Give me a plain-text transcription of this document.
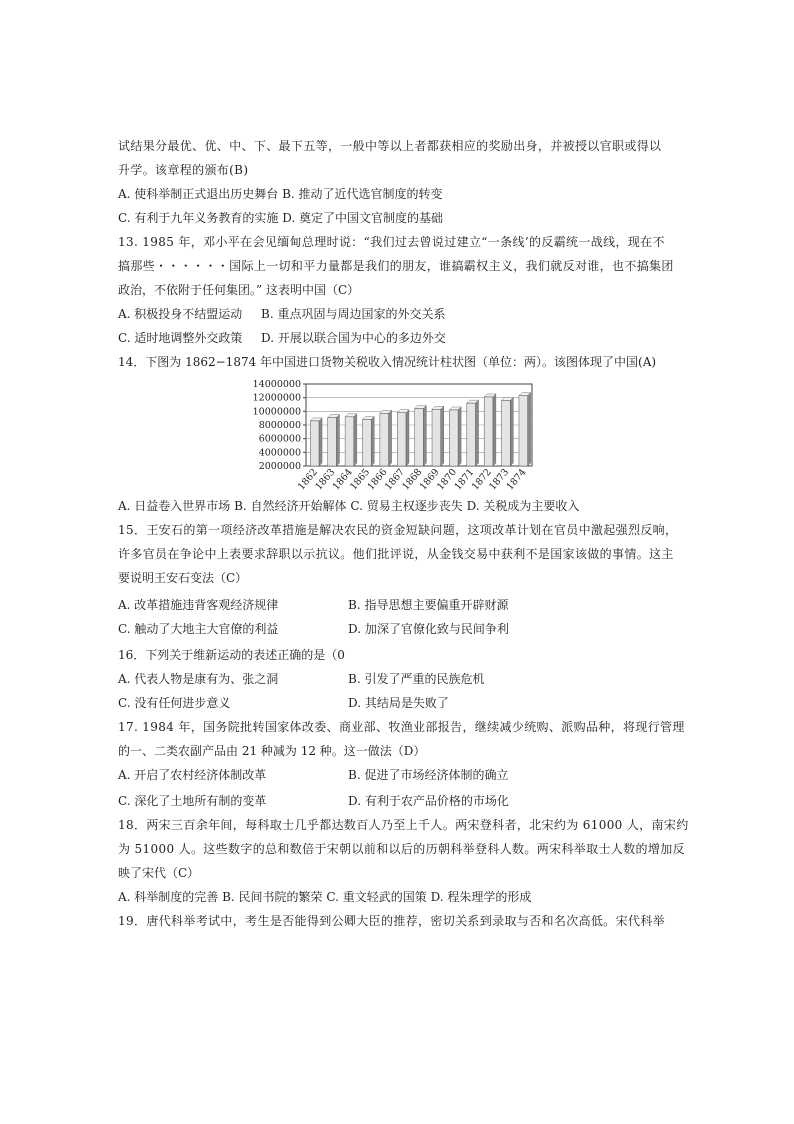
试结果分最优、优、中、下、最下五等，一般中等以上者都获相应的奖励出身，并被授以官职或得以
升学。该章程的颁布(B)
A. 使科举制正式退出历史舞台 B. 推动了近代选官制度的转变
C. 有利于九年义务教育的实施 D. 奠定了中国文官制度的基础
13. 1985 年，邓小平在会见缅甸总理时说：“我们过去曾说过建立“一条线’的反霸统一战线，现在不
搞那些・・・・・・国际上一切和平力量都是我们的朋友，谁搞霸权主义，我们就反对谁，也不搞集团
政治，不依附于任何集团。” 这表明中国（C）
A. 积极投身不结盟运动 B. 重点巩固与周边国家的外交关系
C. 适时地调整外交政策 D. 开展以联合国为中心的多边外交
14．下图为 1862−1874 年中国进口货物关税收入情况统计柱状图（单位：两）。该图体现了中国(A)
2000000
4000000
6000000
8000000
10000000
12000000
14000000
1862
1863
1864
1865
1866
1867
1868
1869
1870
1871
1872
1873
1874
A. 日益卷入世界市场 B. 自然经济开始解体 C. 贸易主权逐步丧失 D. 关税成为主要收入
15．王安石的第一项经济改革措施是解决农民的资金短缺问题，这项改革计划在官员中激起强烈反响，
许多官员在争论中上表要求辞职以示抗议。他们批评说，从金钱交易中获利不是国家该做的事情。这主
要说明王安石变法（C）
A. 改革措施违背客观经济规律	B. 指导思想主要偏重开辟财源
C. 触动了大地主大官僚的利益	D. 加深了官僚化致与民间争利
16．下列关于维新运动的表述正确的是（0
A. 代表人物是康有为、张之洞	B. 引发了严重的民族危机
C. 没有任何进步意义	D. 其结局是失败了
17. 1984 年，国务院批转国家体改委、商业部、牧渔业部报告，继续减少统购、派购品种，将现行管理
的一、二类农副产品由 21 种减为 12 种。这一做法（D）
A. 开启了农村经济体制改革	B. 促进了市场经济体制的确立
C. 深化了土地所有制的变革	D. 有利于农产品价格的市场化
18．两宋三百余年间，每科取士几乎都达数百人乃至上千人。两宋登科者，北宋约为 61000 人，南宋约
为 51000 人。这些数字的总和数倍于宋朝以前和以后的历朝科举登科人数。两宋科举取士人数的增加反
映了宋代（C）
A. 科举制度的完善 B. 民间书院的繁荣 C. 重文轻武的国策 D. 程朱理学的形成
19．唐代科举考试中，考生是否能得到公卿大臣的推荐，密切关系到录取与否和名次高低。宋代科举
